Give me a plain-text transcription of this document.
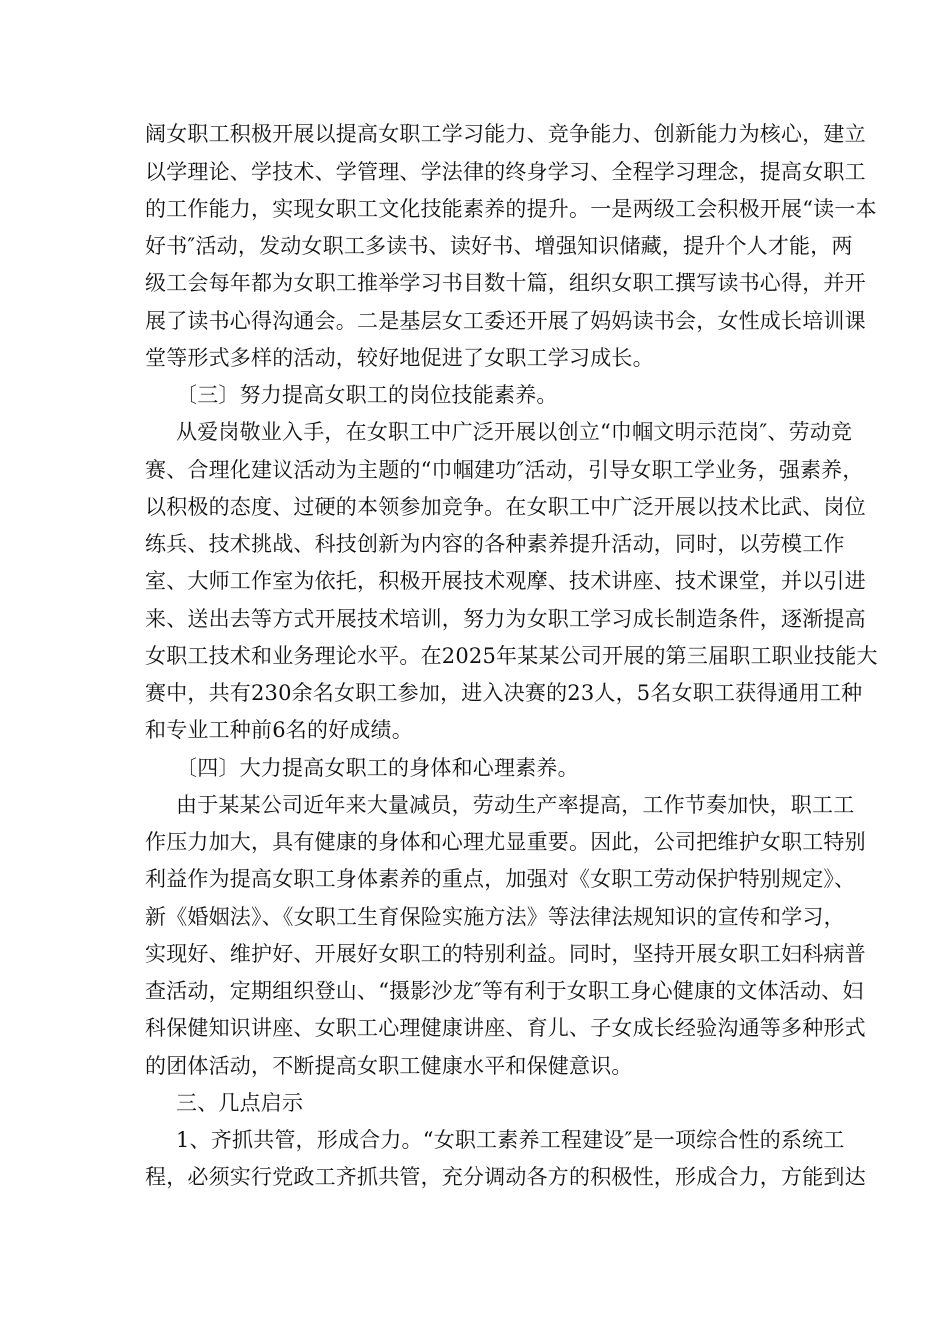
阔女职工积极开展以提高女职工学习能力、竞争能力、创新能力为核心，建立
以学理论、学技术、学管理、学法律的终身学习、全程学习理念，提高女职工
的工作能力，实现女职工文化技能素养的提升。一是两级工会积极开展“读一本
好书″活动，发动女职工多读书、读好书、增强知识储藏，提升个人才能，两
级工会每年都为女职工推举学习书目数十篇，组织女职工撰写读书心得，并开
展了读书心得沟通会。二是基层女工委还开展了妈妈读书会，女性成长培训课
堂等形式多样的活动，较好地促进了女职工学习成长。
〔三〕努力提高女职工的岗位技能素养。
从爱岗敬业入手，在女职工中广泛开展以创立“巾帼文明示范岗″、劳动竞
赛、合理化建议活动为主题的“巾帼建功″活动，引导女职工学业务，强素养，
以积极的态度、过硬的本领参加竞争。在女职工中广泛开展以技术比武、岗位
练兵、技术挑战、科技创新为内容的各种素养提升活动，同时，以劳模工作
室、大师工作室为依托，积极开展技术观摩、技术讲座、技术课堂，并以引进
来、送出去等方式开展技术培训，努力为女职工学习成长制造条件，逐渐提高
女职工技术和业务理论水平。在2025年某某公司开展的第三届职工职业技能大
赛中，共有230余名女职工参加，进入决赛的23人，5名女职工获得通用工种
和专业工种前6名的好成绩。
〔四〕大力提高女职工的身体和心理素养。
由于某某公司近年来大量减员，劳动生产率提高，工作节奏加快，职工工
作压力加大，具有健康的身体和心理尤显重要。因此，公司把维护女职工特别
利益作为提高女职工身体素养的重点，加强对《女职工劳动保护特别规定》、
新《婚姻法》、《女职工生育保险实施方法》等法律法规知识的宣传和学习，
实现好、维护好、开展好女职工的特别利益。同时，坚持开展女职工妇科病普
查活动，定期组织登山、“摄影沙龙″等有利于女职工身心健康的文体活动、妇
科保健知识讲座、女职工心理健康讲座、育儿、子女成长经验沟通等多种形式
的团体活动，不断提高女职工健康水平和保健意识。
三、几点启示
1、齐抓共管，形成合力。“女职工素养工程建设″是一项综合性的系统工
程，必须实行党政工齐抓共管，充分调动各方的积极性，形成合力，方能到达
